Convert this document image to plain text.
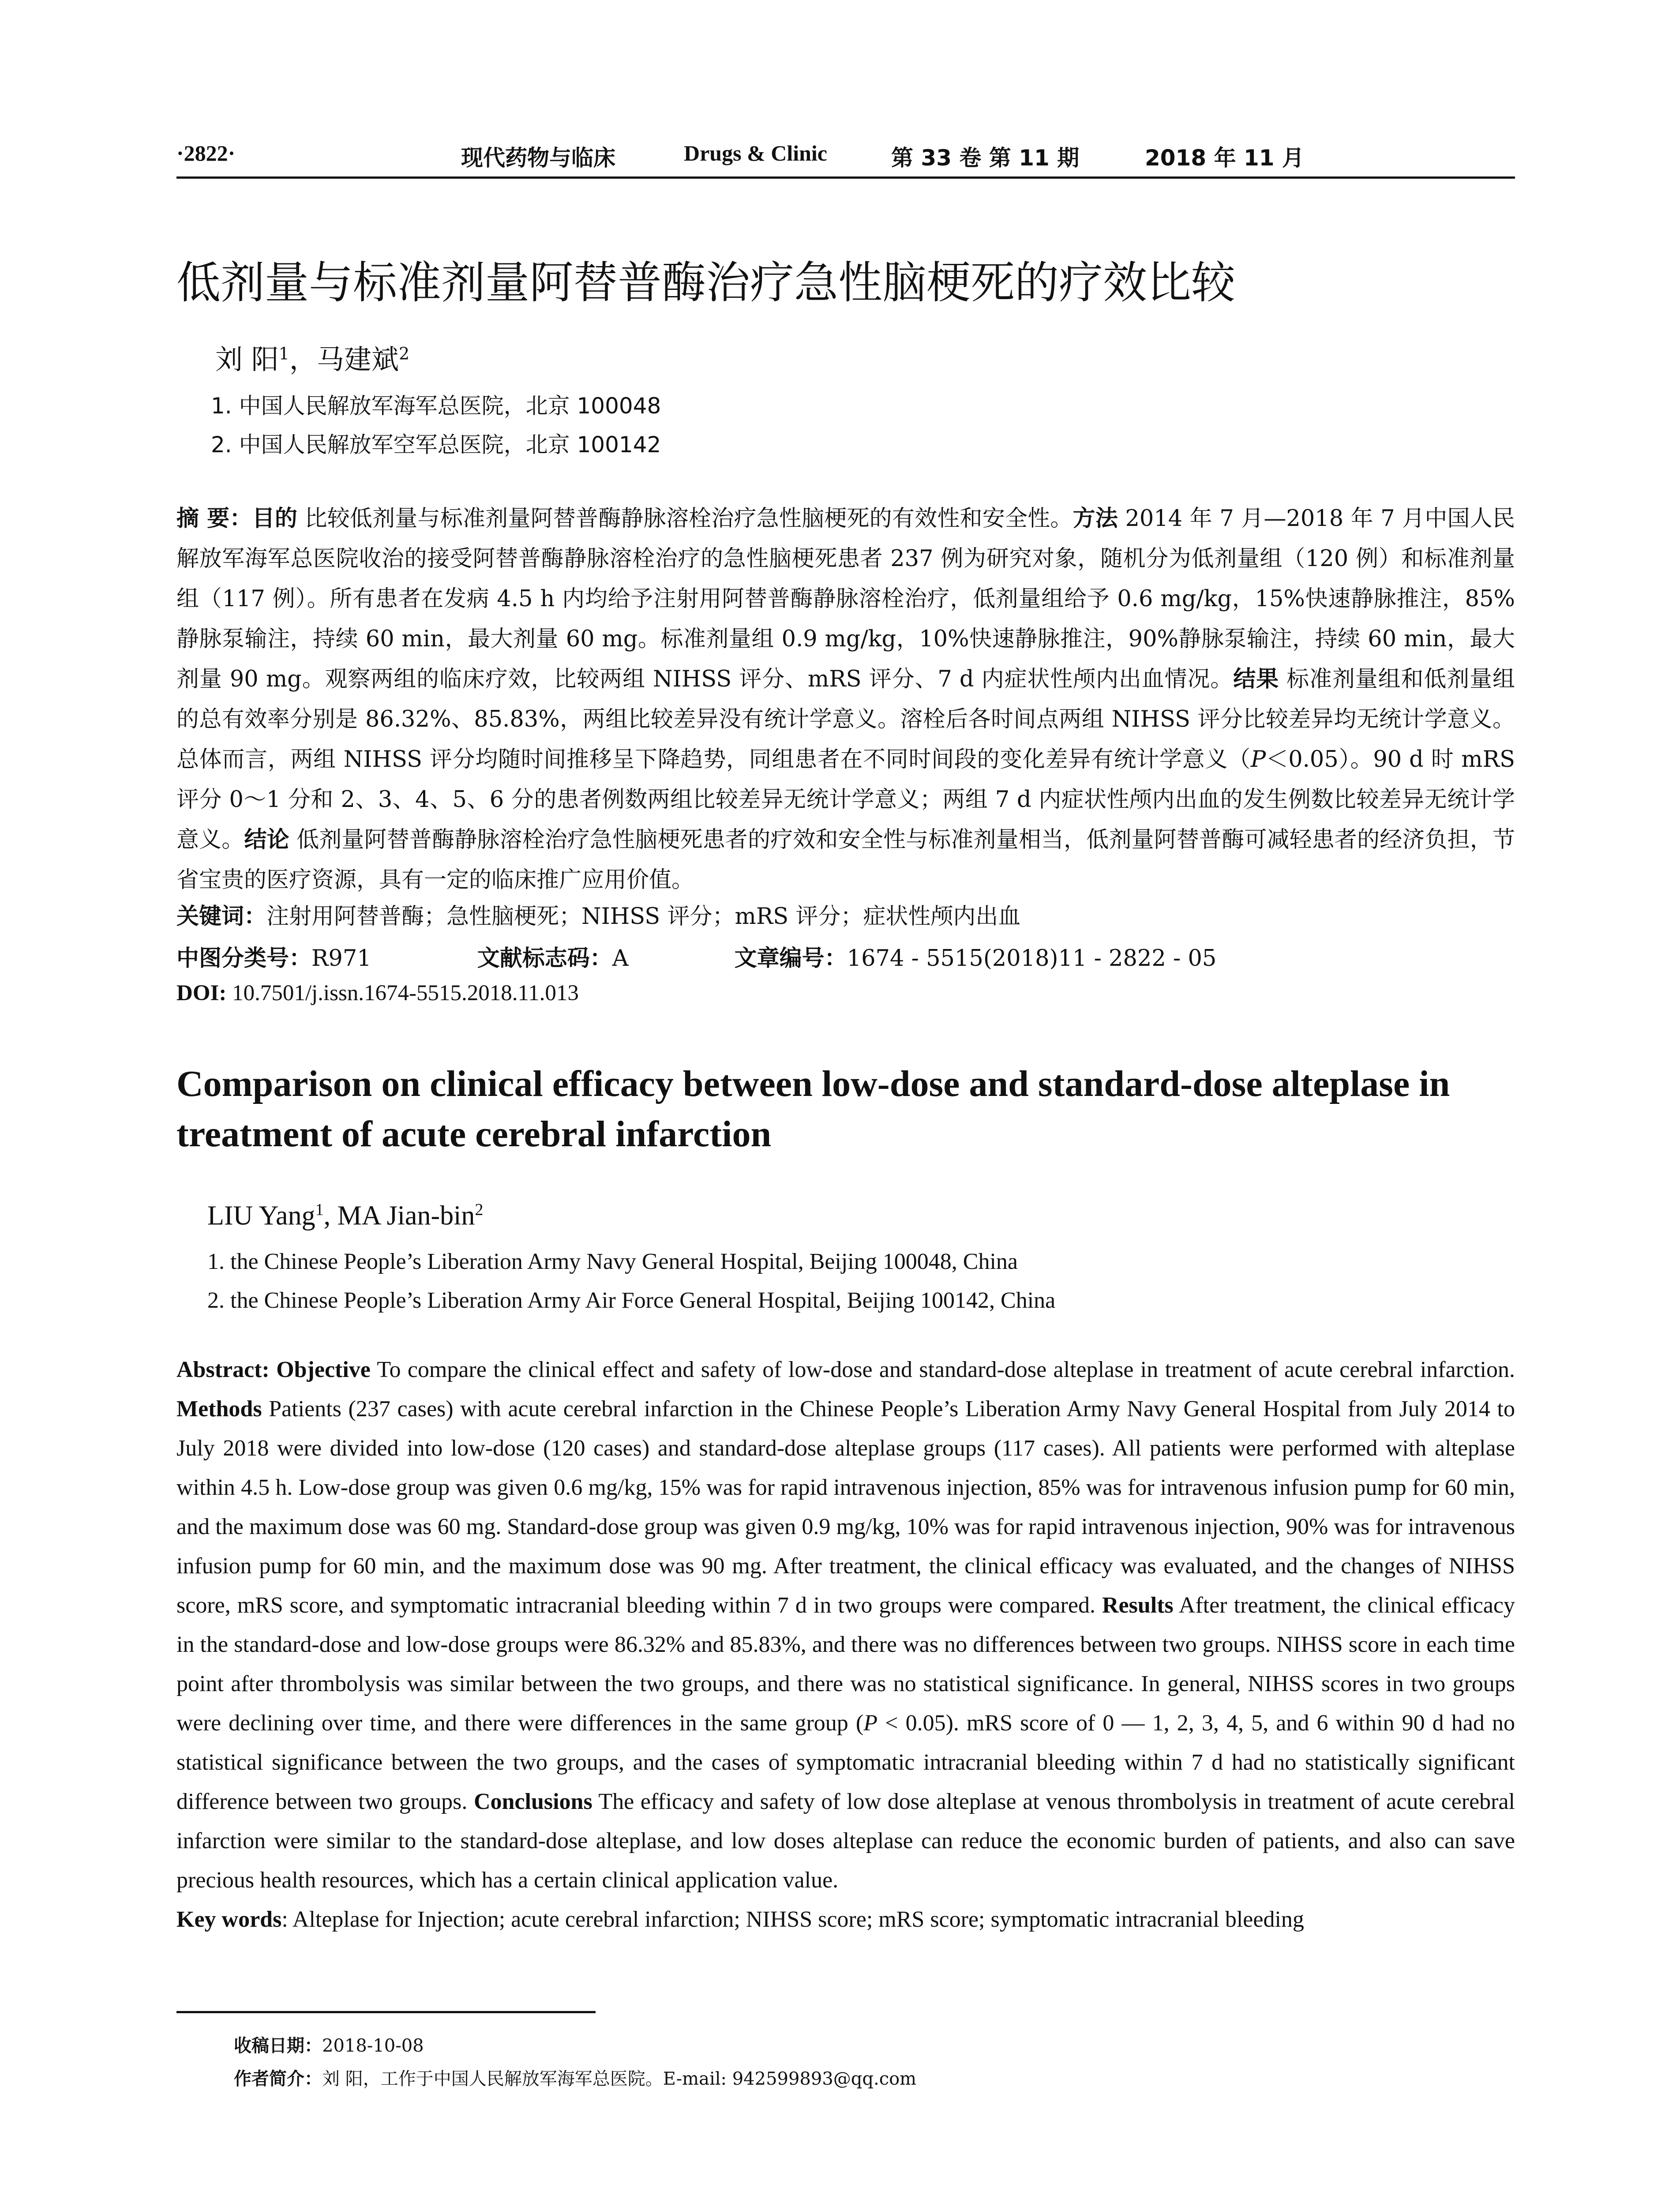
·2822·	现代药物与临床	Drugs & Clinic	第 33 卷 第 11 期	2018 年 11 月
低剂量与标准剂量阿替普酶治疗急性脑梗死的疗效比较
刘 阳$^1$，马建斌$^2$
1. 中国人民解放军海军总医院，北京 100048
2. 中国人民解放军空军总医院，北京 100142
摘 要：目的 比较低剂量与标准剂量阿替普酶静脉溶栓治疗急性脑梗死的有效性和安全性。方法 2014 年 7 月—2018 年 7 月中国人民解放军海军总医院收治的接受阿替普酶静脉溶栓治疗的急性脑梗死患者 237 例为研究对象，随机分为低剂量组（120 例）和标准剂量组（117 例）。所有患者在发病 4.5 h 内均给予注射用阿替普酶静脉溶栓治疗，低剂量组给予 0.6 mg/kg，15%快速静脉推注，85%静脉泵输注，持续 60 min，最大剂量 60 mg。标准剂量组 0.9 mg/kg，10%快速静脉推注，90%静脉泵输注，持续 60 min，最大剂量 90 mg。观察两组的临床疗效，比较两组 NIHSS 评分、mRS 评分、7 d 内症状性颅内出血情况。结果 标准剂量组和低剂量组的总有效率分别是 86.32%、85.83%，两组比较差异没有统计学意义。溶栓后各时间点两组 NIHSS 评分比较差异均无统计学意义。总体而言，两组 NIHSS 评分均随时间推移呈下降趋势，同组患者在不同时间段的变化差异有统计学意义（P＜0.05）。90 d 时 mRS 评分 0～1 分和 2、3、4、5、6 分的患者例数两组比较差异无统计学意义；两组 7 d 内症状性颅内出血的发生例数比较差异无统计学意义。结论 低剂量阿替普酶静脉溶栓治疗急性脑梗死患者的疗效和安全性与标准剂量相当，低剂量阿替普酶可减轻患者的经济负担，节省宝贵的医疗资源，具有一定的临床推广应用价值。
关键词：注射用阿替普酶；急性脑梗死；NIHSS 评分；mRS 评分；症状性颅内出血
中图分类号：R971	文献标志码：A	文章编号：1674 - 5515(2018)11 - 2822 - 05
DOI: 10.7501/j.issn.1674-5515.2018.11.013
Comparison on clinical efficacy between low-dose and standard-dose alteplase in treatment of acute cerebral infarction
LIU Yang$^1$, MA Jian-bin$^2$
1. the Chinese People’s Liberation Army Navy General Hospital, Beijing 100048, China
2. the Chinese People’s Liberation Army Air Force General Hospital, Beijing 100142, China
Abstract: Objective To compare the clinical effect and safety of low-dose and standard-dose alteplase in treatment of acute cerebral infarction. Methods Patients (237 cases) with acute cerebral infarction in the Chinese People’s Liberation Army Navy General Hospital from July 2014 to July 2018 were divided into low-dose (120 cases) and standard-dose alteplase groups (117 cases). All patients were performed with alteplase within 4.5 h. Low-dose group was given 0.6 mg/kg, 15% was for rapid intravenous injection, 85% was for intravenous infusion pump for 60 min, and the maximum dose was 60 mg. Standard-dose group was given 0.9 mg/kg, 10% was for rapid intravenous injection, 90% was for intravenous infusion pump for 60 min, and the maximum dose was 90 mg. After treatment, the clinical efficacy was evaluated, and the changes of NIHSS score, mRS score, and symptomatic intracranial bleeding within 7 d in two groups were compared. Results After treatment, the clinical efficacy in the standard-dose and low-dose groups were 86.32% and 85.83%, and there was no differences between two groups. NIHSS score in each time point after thrombolysis was similar between the two groups, and there was no statistical significance. In general, NIHSS scores in two groups were declining over time, and there were differences in the same group (P < 0.05). mRS score of 0 — 1, 2, 3, 4, 5, and 6 within 90 d had no statistical significance between the two groups, and the cases of symptomatic intracranial bleeding within 7 d had no statistically significant difference between two groups. Conclusions The efficacy and safety of low dose alteplase at venous thrombolysis in treatment of acute cerebral infarction were similar to the standard-dose alteplase, and low doses alteplase can reduce the economic burden of patients, and also can save precious health resources, which has a certain clinical application value.
Key words: Alteplase for Injection; acute cerebral infarction; NIHSS score; mRS score; symptomatic intracranial bleeding
收稿日期：2018-10-08
作者简介：刘 阳，工作于中国人民解放军海军总医院。E-mail: 942599893@qq.com
